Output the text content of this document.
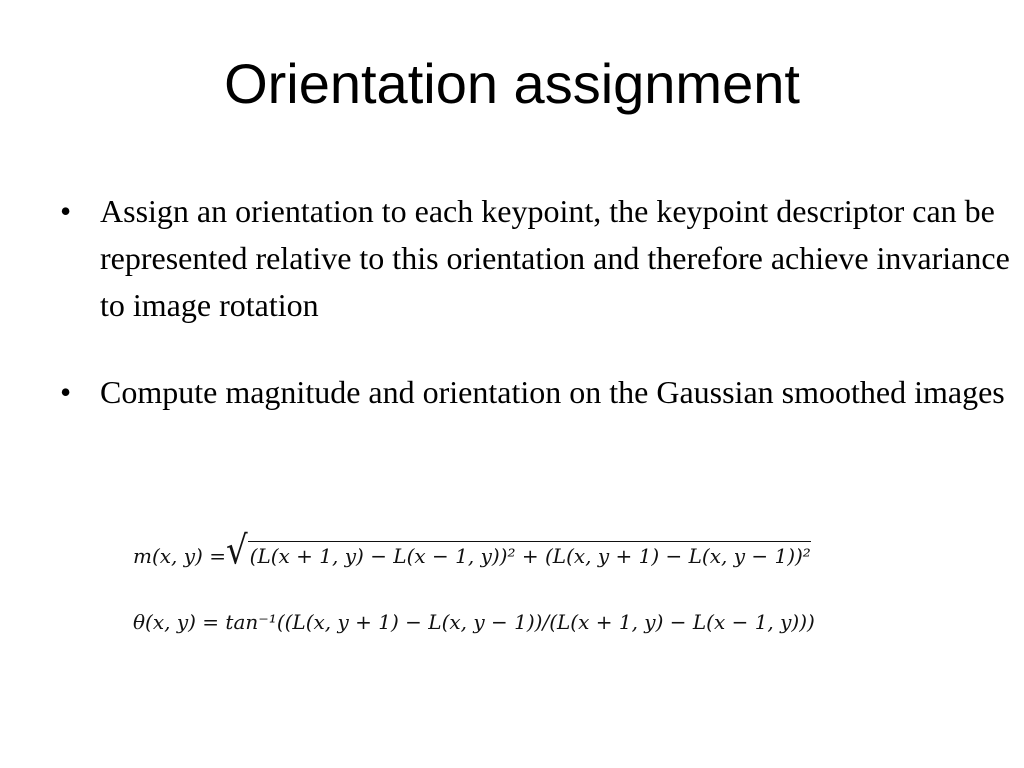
Orientation assignment
• Assign an orientation to each keypoint, the keypoint descriptor can be represented relative to this orientation and therefore achieve invariance to image rotation
• Compute magnitude and orientation on the Gaussian smoothed images
m(x, y) = √ (L(x + 1, y) − L(x − 1, y))² + (L(x, y + 1) − L(x, y − 1))²
θ(x, y) = tan⁻¹((L(x, y + 1) − L(x, y − 1))/(L(x + 1, y) − L(x − 1, y)))
